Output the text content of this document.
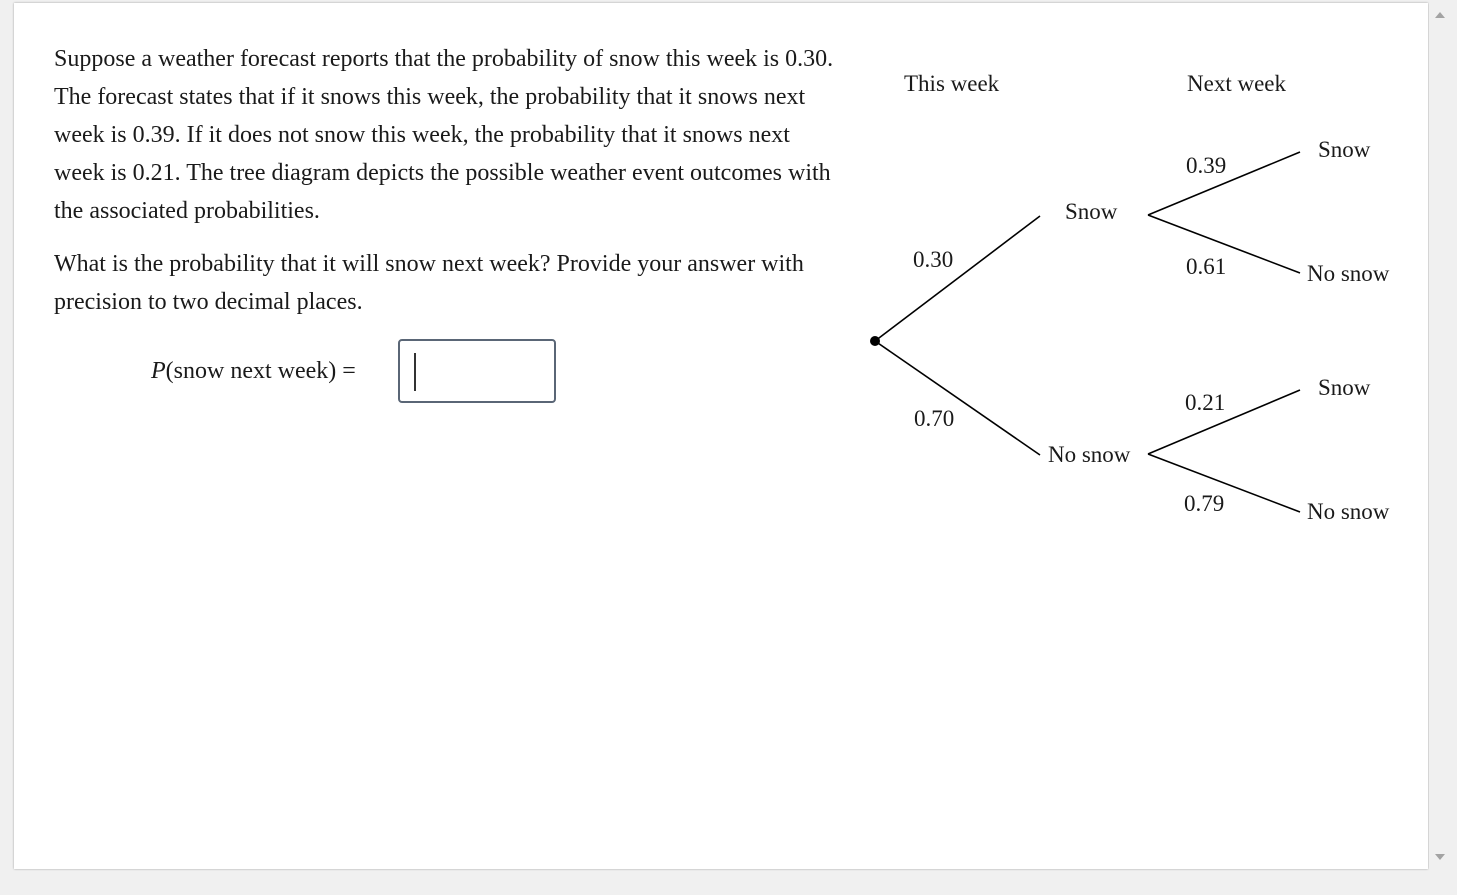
Suppose a weather forecast reports that the probability of snow this week is 0.30. The forecast states that if it snows this week, the probability that it snows next week is 0.39. If it does not snow this week, the probability that it snows next week is 0.21. The tree diagram depicts the possible weather event outcomes with the associated probabilities.

What is the probability that it will snow next week? Provide your answer with precision to two decimal places.

P(snow next week) =
This week	Next week
0.30
0.70
Snow
No snow
0.39
0.61
Snow
No snow
0.21
0.79
Snow
No snow
